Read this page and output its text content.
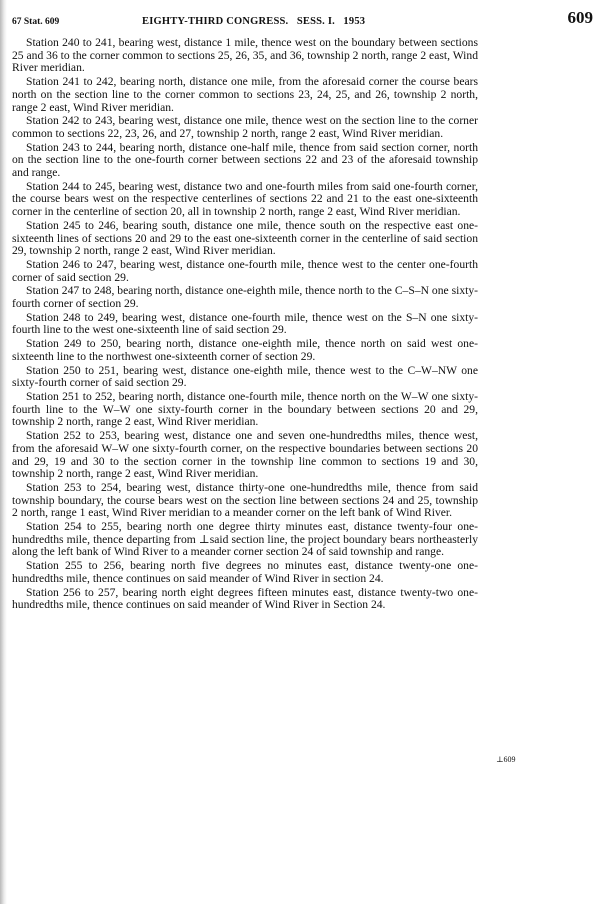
67 Stat. 609	EIGHTY-THIRD CONGRESS.   SESS. I.   1953	609

Station 240 to 241, bearing west, distance 1 mile, thence west on the boundary between sections 25 and 36 to the corner common to sections 25, 26, 35, and 36, township 2 north, range 2 east, Wind River meridian.

Station 241 to 242, bearing north, distance one mile, from the aforesaid corner the course bears north on the section line to the corner common to sections 23, 24, 25, and 26, township 2 north, range 2 east, Wind River meridian.

Station 242 to 243, bearing west, distance one mile, thence west on the section line to the corner common to sections 22, 23, 26, and 27, township 2 north, range 2 east, Wind River meridian.

Station 243 to 244, bearing north, distance one-half mile, thence from said section corner, north on the section line to the one-fourth corner between sections 22 and 23 of the aforesaid township and range.

Station 244 to 245, bearing west, distance two and one-fourth miles from said one-fourth corner, the course bears west on the respective centerlines of sections 22 and 21 to the east one-sixteenth corner in the centerline of section 20, all in township 2 north, range 2 east, Wind River meridian.

Station 245 to 246, bearing south, distance one mile, thence south on the respective east one-sixteenth lines of sections 20 and 29 to the east one-sixteenth corner in the centerline of said section 29, township 2 north, range 2 east, Wind River meridian.

Station 246 to 247, bearing west, distance one-fourth mile, thence west to the center one-fourth corner of said section 29.

Station 247 to 248, bearing north, distance one-eighth mile, thence north to the C–S–N one sixty-fourth corner of section 29.

Station 248 to 249, bearing west, distance one-fourth mile, thence west on the S–N one sixty-fourth line to the west one-sixteenth line of said section 29.

Station 249 to 250, bearing north, distance one-eighth mile, thence north on said west one-sixteenth line to the northwest one-sixteenth corner of section 29.

Station 250 to 251, bearing west, distance one-eighth mile, thence west to the C–W–NW one sixty-fourth corner of said section 29.

Station 251 to 252, bearing north, distance one-fourth mile, thence north on the W–W one sixty-fourth line to the W–W one sixty-fourth corner in the boundary between sections 20 and 29, township 2 north, range 2 east, Wind River meridian.

Station 252 to 253, bearing west, distance one and seven one-hundredths miles, thence west, from the aforesaid W–W one sixty-fourth corner, on the respective boundaries between sections 20 and 29, 19 and 30 to the section corner in the township line common to sections 19 and 30, township 2 north, range 2 east, Wind River meridian.

Station 253 to 254, bearing west, distance thirty-one one-hundredths mile, thence from said township boundary, the course bears west on the section line between sections 24 and 25, township 2 north, range 1 east, Wind River meridian to a meander corner on the left bank of Wind River.

Station 254 to 255, bearing north one degree thirty minutes east, distance twenty-four one-hundredths mile, thence departing from ⊥said section line, the project boundary bears northeasterly along the left bank of Wind River to a meander corner section 24 of said township and range.

Station 255 to 256, bearing north five degrees no minutes east, distance twenty-one one-hundredths mile, thence continues on said meander of Wind River in section 24.

Station 256 to 257, bearing north eight degrees fifteen minutes east, distance twenty-two one-hundredths mile, thence continues on said meander of Wind River in Section 24.

⊥609
